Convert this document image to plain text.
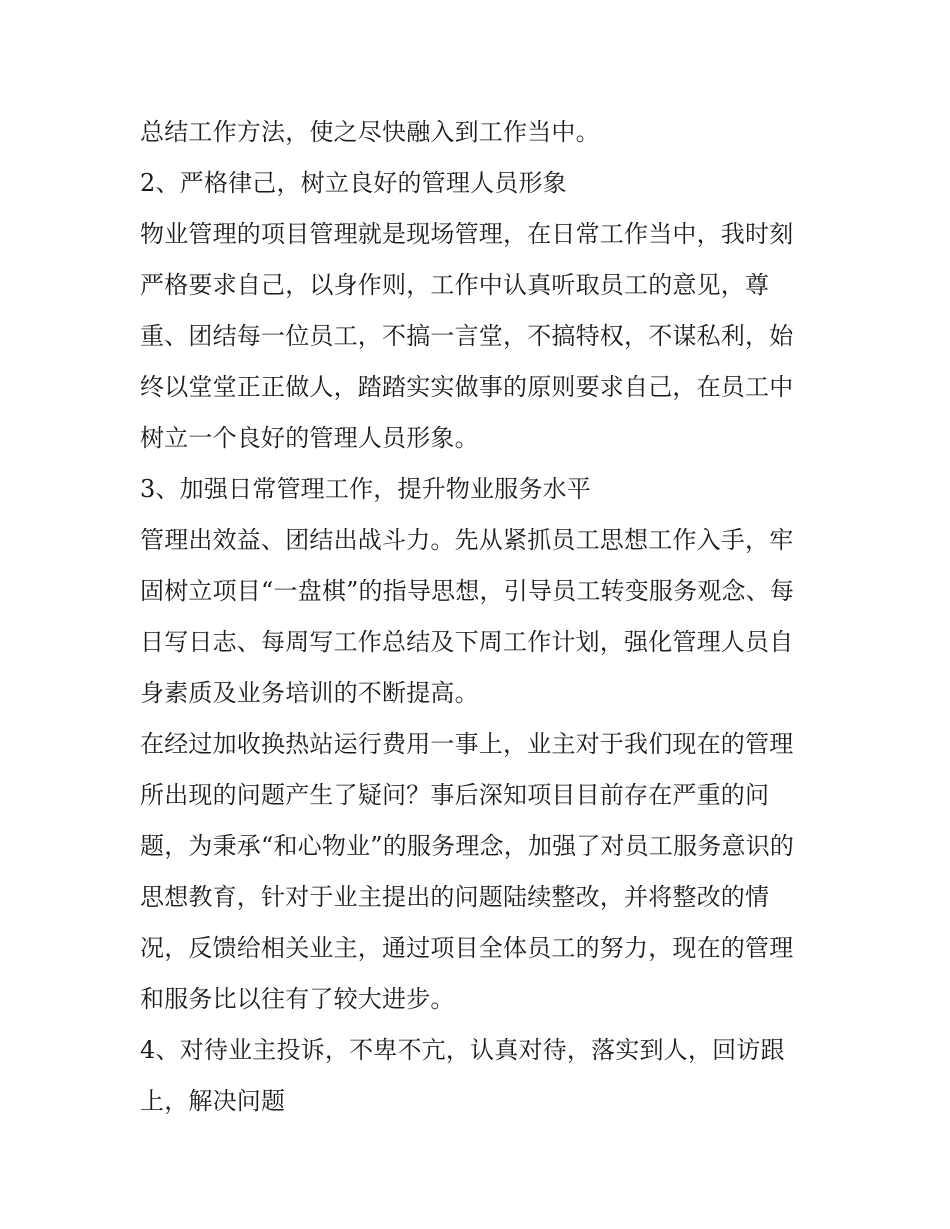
总结工作方法，使之尽快融入到工作当中。

2、严格律己，树立良好的管理人员形象

物业管理的项目管理就是现场管理，在日常工作当中，我时刻
严格要求自己，以身作则，工作中认真听取员工的意见，尊
重、团结每一位员工，不搞一言堂，不搞特权，不谋私利，始
终以堂堂正正做人，踏踏实实做事的原则要求自己，在员工中
树立一个良好的管理人员形象。

3、加强日常管理工作，提升物业服务水平

管理出效益、团结出战斗力。先从紧抓员工思想工作入手，牢
固树立项目“一盘棋”的指导思想，引导员工转变服务观念、每
日写日志、每周写工作总结及下周工作计划，强化管理人员自
身素质及业务培训的不断提高。

在经过加收换热站运行费用一事上，业主对于我们现在的管理
所出现的问题产生了疑问？事后深知项目目前存在严重的问
题，为秉承“和心物业”的服务理念，加强了对员工服务意识的
思想教育，针对于业主提出的问题陆续整改，并将整改的情
况，反馈给相关业主，通过项目全体员工的努力，现在的管理
和服务比以往有了较大进步。

4、对待业主投诉，不卑不亢，认真对待，落实到人，回访跟
上，解决问题
